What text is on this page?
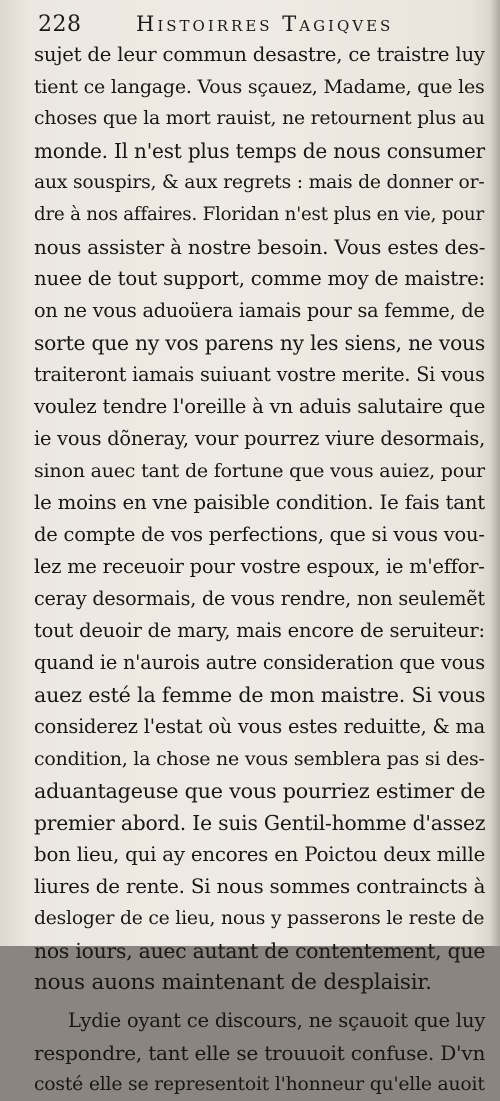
228	Histoirres Tagiqves
sujet de leur commun desastre, ce traistre luy
tient ce langage. Vous sçauez, Madame, que les
choses que la mort rauist, ne retournent plus au
monde. Il n'est plus temps de nous consumer
aux souspirs, & aux regrets : mais de donner or-
dre à nos affaires. Floridan n'est plus en vie, pour
nous assister à nostre besoin. Vous estes des-
nuee de tout support, comme moy de maistre:
on ne vous aduoüera iamais pour sa femme, de
sorte que ny vos parens ny les siens, ne vous
traiteront iamais suiuant vostre merite. Si vous
voulez tendre l'oreille à vn aduis salutaire que
ie vous dõneray, vour pourrez viure desormais,
sinon auec tant de fortune que vous auiez, pour
le moins en vne paisible condition. Ie fais tant
de compte de vos perfections, que si vous vou-
lez me receuoir pour vostre espoux, ie m'effor-
ceray desormais, de vous rendre, non seulemẽt
tout deuoir de mary, mais encore de seruiteur:
quand ie n'aurois autre consideration que vous
auez esté la femme de mon maistre. Si vous
considerez l'estat où vous estes reduitte, & ma
condition, la chose ne vous semblera pas si des-
aduantageuse que vous pourriez estimer de
premier abord. Ie suis Gentil-homme d'assez
bon lieu, qui ay encores en Poictou deux mille
liures de rente. Si nous sommes contraincts à
desloger de ce lieu, nous y passerons le reste de
nos iours, auec autant de contentement, que
nous auons maintenant de desplaisir.
Lydie oyant ce discours, ne sçauoit que luy
respondre, tant elle se trouuoit confuse. D'vn
costé elle se representoit l'honneur qu'elle auoit
